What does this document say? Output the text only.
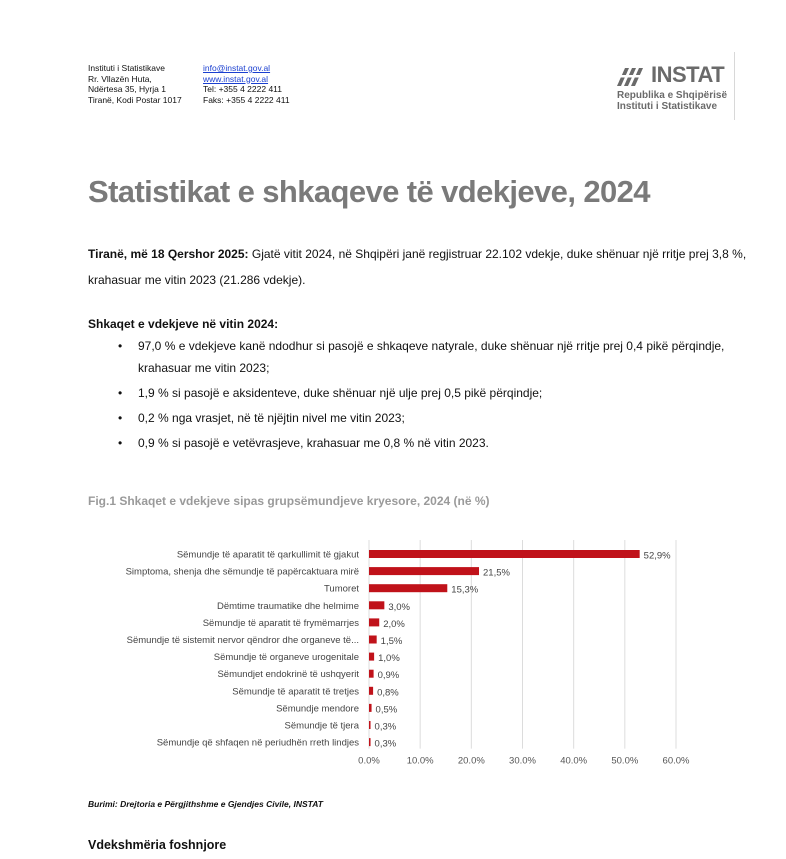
Instituti i Statistikave
Rr. Vllazën Huta,
Ndërtesa 35, Hyrja 1
Tiranë, Kodi Postar 1017
info@instat.gov.al
www.instat.gov.al
Tel: +355 4 2222 411
Faks: +355 4 2222 411
INSTAT
Republika e Shqipërisë
Instituti i Statistikave
Statistikat e shkaqeve të vdekjeve, 2024
Tiranë, më 18 Qershor 2025: Gjatë vitit 2024, në Shqipëri janë regjistruar 22.102 vdekje, duke shënuar një rritje prej 3,8 %, krahasuar me vitin 2023 (21.286 vdekje).
Shkaqet e vdekjeve në vitin 2024:
• 97,0 % e vdekjeve kanë ndodhur si pasojë e shkaqeve natyrale, duke shënuar një rritje prej 0,4 pikë përqindje, krahasuar me vitin 2023;
• 1,9 % si pasojë e aksidenteve, duke shënuar një ulje prej 0,5 pikë përqindje;
• 0,2 % nga vrasjet, në të njëjtin nivel me vitin 2023;
• 0,9 % si pasojë e vetëvrasjeve, krahasuar me 0,8 % në vitin 2023.
Fig.1 Shkaqet e vdekjeve sipas grupsëmundjeve kryesore, 2024 (në %)
Sëmundje të aparatit të qarkullimit të gjakut	52,9%
Simptoma, shenja dhe sëmundje të papërcaktuara mirë	21,5%
Tumoret	15,3%
Dëmtime traumatike dhe helmime	3,0%
Sëmundje të aparatit të frymëmarrjes	2,0%
Sëmundje të sistemit nervor qëndror dhe organeve të... 1,5%
Sëmundje të organeve urogenitale 1,0%
Sëmundjet endokrinë të ushqyerit 0,9%
Sëmundje të aparatit të tretjes 0,8%
Sëmundje mendore 0,5%
Sëmundje të tjera 0,3%
Sëmundje që shfaqen në periudhën rreth lindjes 0,3%
0.0%	10.0%	20.0%	30.0%	40.0%	50.0%	60.0%
Burimi: Drejtoria e Përgjithshme e Gjendjes Civile, INSTAT
Vdekshmëria foshnjore
